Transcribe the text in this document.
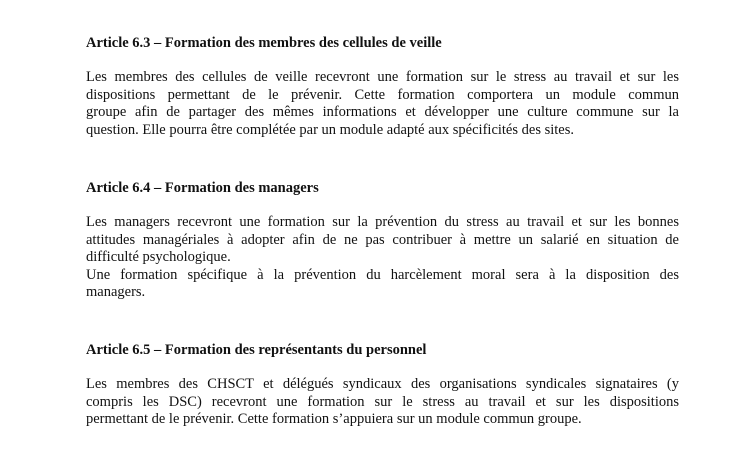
Article 6.3 – Formation des membres des cellules de veille
Les membres des cellules de veille recevront une formation sur le stress au travail et sur les
dispositions permettant de le prévenir. Cette formation comportera un module commun
groupe afin de partager des mêmes informations et développer une culture commune sur la
question. Elle pourra être complétée par un module adapté aux spécificités des sites.
Article 6.4 – Formation des managers
Les managers recevront une formation sur la prévention du stress au travail et sur les bonnes
attitudes managériales à adopter afin de ne pas contribuer à mettre un salarié en situation de
difficulté psychologique.
Une formation spécifique à la prévention du harcèlement moral sera à la disposition des
managers.
Article 6.5 – Formation des représentants du personnel
Les membres des CHSCT et délégués syndicaux des organisations syndicales signataires (y
compris les DSC) recevront une formation sur le stress au travail et sur les dispositions
permettant de le prévenir. Cette formation s’appuiera sur un module commun groupe.
